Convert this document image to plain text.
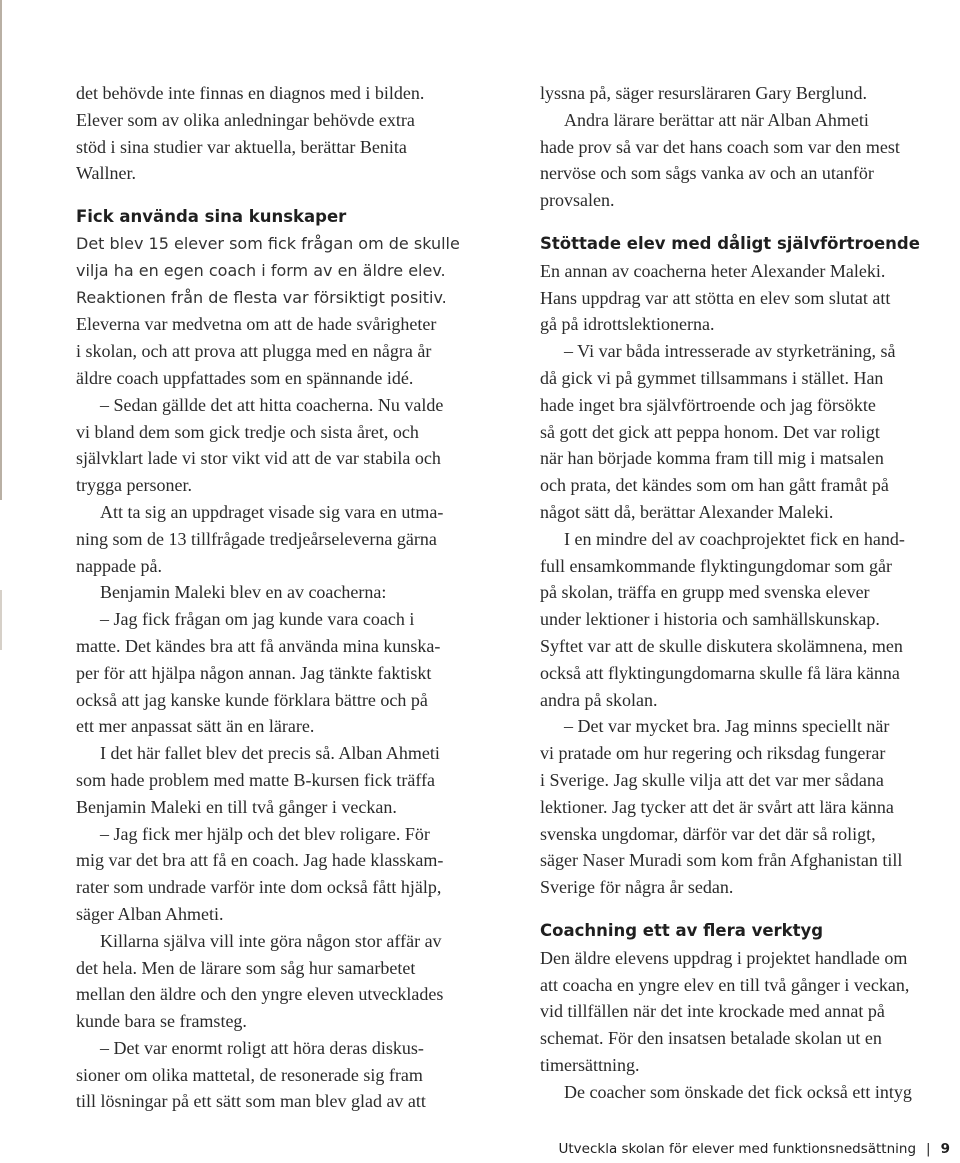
det behövde inte finnas en diagnos med i bilden.
Elever som av olika anledningar behövde extra
stöd i sina studier var aktuella, berättar Benita
Wallner.
Fick använda sina kunskaper
Det blev 15 elever som fick frågan om de skulle
vilja ha en egen coach i form av en äldre elev.
Reaktionen från de flesta var försiktigt positiv.
Eleverna var medvetna om att de hade svårigheter
i skolan, och att prova att plugga med en några år
äldre coach uppfattades som en spännande idé.
– Sedan gällde det att hitta coacherna. Nu valde
vi bland dem som gick tredje och sista året, och
självklart lade vi stor vikt vid att de var stabila och
trygga personer.
Att ta sig an uppdraget visade sig vara en utma-
ning som de 13 tillfrågade tredjeårseleverna gärna
nappade på.
Benjamin Maleki blev en av coacherna:
– Jag fick frågan om jag kunde vara coach i
matte. Det kändes bra att få använda mina kunska-
per för att hjälpa någon annan. Jag tänkte faktiskt
också att jag kanske kunde förklara bättre och på
ett mer anpassat sätt än en lärare.
I det här fallet blev det precis så. Alban Ahmeti
som hade problem med matte B-kursen fick träffa
Benjamin Maleki en till två gånger i veckan.
– Jag fick mer hjälp och det blev roligare. För
mig var det bra att få en coach. Jag hade klasskam-
rater som undrade varför inte dom också fått hjälp,
säger Alban Ahmeti.
Killarna själva vill inte göra någon stor affär av
det hela. Men de lärare som såg hur samarbetet
mellan den äldre och den yngre eleven utvecklades
kunde bara se framsteg.
– Det var enormt roligt att höra deras diskus-
sioner om olika mattetal, de resonerade sig fram
till lösningar på ett sätt som man blev glad av att
lyssna på, säger resursläraren Gary Berglund.
Andra lärare berättar att när Alban Ahmeti
hade prov så var det hans coach som var den mest
nervöse och som sågs vanka av och an utanför
provsalen.
Stöttade elev med dåligt självförtroende
En annan av coacherna heter Alexander Maleki.
Hans uppdrag var att stötta en elev som slutat att
gå på idrottslektionerna.
– Vi var båda intresserade av styrketräning, så
då gick vi på gymmet tillsammans i stället. Han
hade inget bra självförtroende och jag försökte
så gott det gick att peppa honom. Det var roligt
när han började komma fram till mig i matsalen
och prata, det kändes som om han gått framåt på
något sätt då, berättar Alexander Maleki.
I en mindre del av coachprojektet fick en hand-
full ensamkommande flyktingungdomar som går
på skolan, träffa en grupp med svenska elever
under lektioner i historia och samhällskunskap.
Syftet var att de skulle diskutera skolämnena, men
också att flyktingungdomarna skulle få lära känna
andra på skolan.
– Det var mycket bra. Jag minns speciellt när
vi pratade om hur regering och riksdag fungerar
i Sverige. Jag skulle vilja att det var mer sådana
lektioner. Jag tycker att det är svårt att lära känna
svenska ungdomar, därför var det där så roligt,
säger Naser Muradi som kom från Afghanistan till
Sverige för några år sedan.
Coachning ett av flera verktyg
Den äldre elevens uppdrag i projektet handlade om
att coacha en yngre elev en till två gånger i veckan,
vid tillfällen när det inte krockade med annat på
schemat. För den insatsen betalade skolan ut en
timersättning.
De coacher som önskade det fick också ett intyg
Utveckla skolan för elever med funktionsnedsättning | 9
